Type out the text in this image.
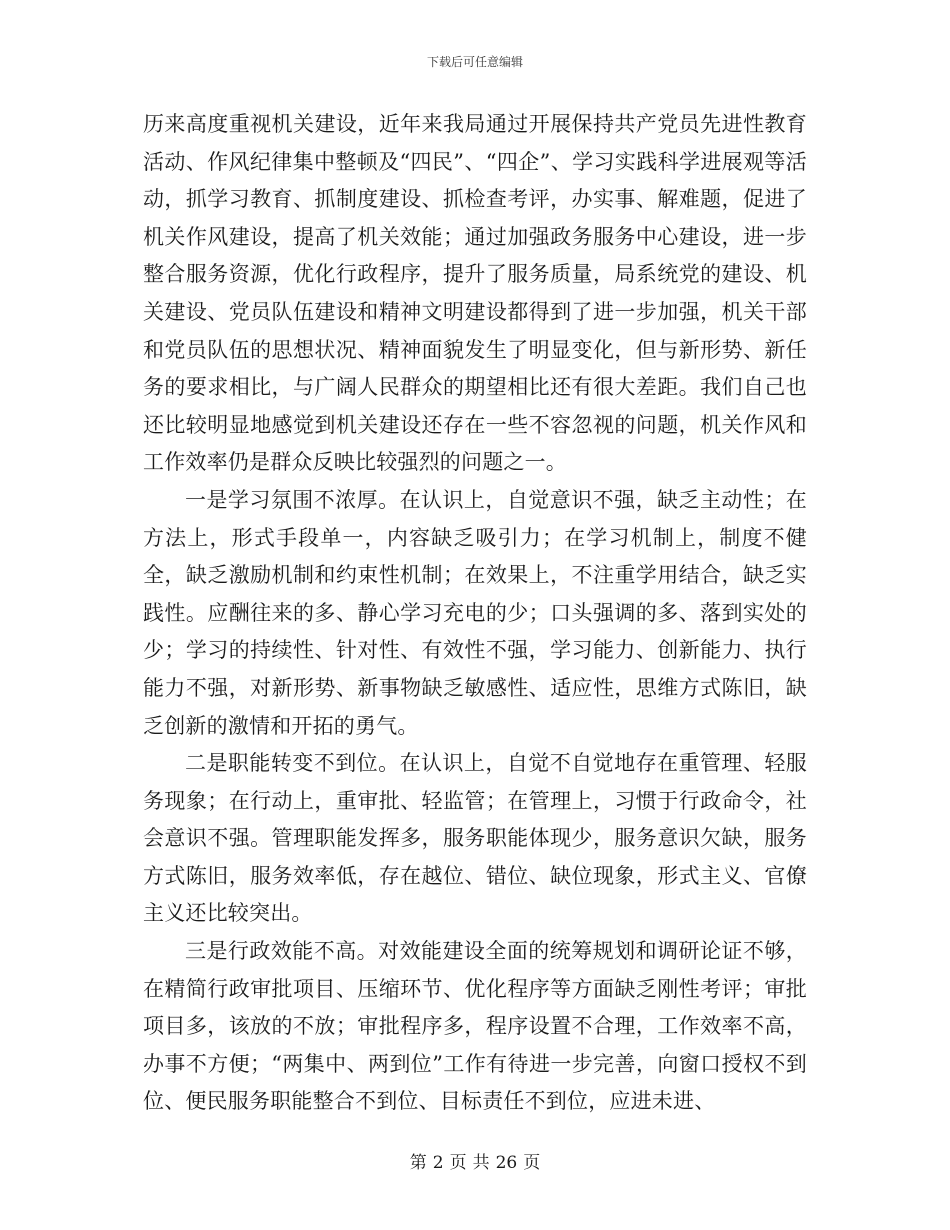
下载后可任意编辑

历来高度重视机关建设，近年来我局通过开展保持共产党员先进性教育活动、作风纪律集中整顿及“四民”、“四企”、学习实践科学进展观等活动，抓学习教育、抓制度建设、抓检查考评，办实事、解难题，促进了机关作风建设，提高了机关效能；通过加强政务服务中心建设，进一步整合服务资源，优化行政程序，提升了服务质量，局系统党的建设、机关建设、党员队伍建设和精神文明建设都得到了进一步加强，机关干部和党员队伍的思想状况、精神面貌发生了明显变化，但与新形势、新任务的要求相比，与广阔人民群众的期望相比还有很大差距。我们自己也还比较明显地感觉到机关建设还存在一些不容忽视的问题，机关作风和工作效率仍是群众反映比较强烈的问题之一。

一是学习氛围不浓厚。在认识上，自觉意识不强，缺乏主动性；在方法上，形式手段单一，内容缺乏吸引力；在学习机制上，制度不健全，缺乏激励机制和约束性机制；在效果上，不注重学用结合，缺乏实践性。应酬往来的多、静心学习充电的少；口头强调的多、落到实处的少；学习的持续性、针对性、有效性不强，学习能力、创新能力、执行能力不强，对新形势、新事物缺乏敏感性、适应性，思维方式陈旧，缺乏创新的激情和开拓的勇气。

二是职能转变不到位。在认识上，自觉不自觉地存在重管理、轻服务现象；在行动上，重审批、轻监管；在管理上，习惯于行政命令，社会意识不强。管理职能发挥多，服务职能体现少，服务意识欠缺，服务方式陈旧，服务效率低，存在越位、错位、缺位现象，形式主义、官僚主义还比较突出。

三是行政效能不高。对效能建设全面的统筹规划和调研论证不够，在精简行政审批项目、压缩环节、优化程序等方面缺乏刚性考评；审批项目多，该放的不放；审批程序多，程序设置不合理，工作效率不高，办事不方便；“两集中、两到位”工作有待进一步完善，向窗口授权不到位、便民服务职能整合不到位、目标责任不到位，应进未进、

第 2 页 共 26 页
